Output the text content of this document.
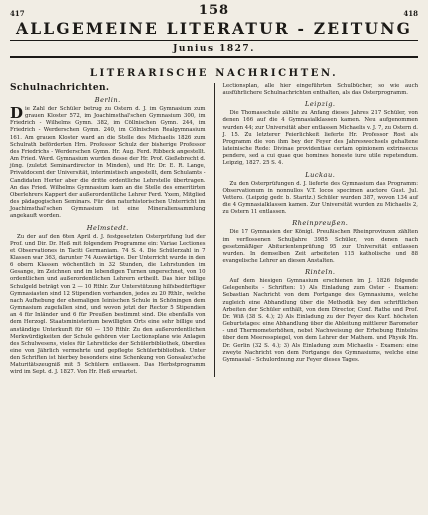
417	158	418
ALLGEMEINE LITERATUR - ZEITUNG
Junius 1827.
LITERARISCHE NACHRICHTEN.
Schulnachrichten.
Berlin.

Die Zahl der Schüler betrug zu Ostern d. J. im Gymnasium zum grauen Kloster 572, im Joachimsthal'schen Gymnasium 300, im Friedrich - Wilhelms Gymn. 382, im Cöllnischen Gymn. 244, im Friedrich - Werderschen Gymn. 240, im Cölnischen Realgymnasium 161. Am grauen Kloster ward an die Stelle des Michaelis 1826 zum Schulrath beförderten Hrn. Professor Schulz der bisherige Professor des Friedrichs - Werderschen Gymn. Hr. Aug. Ferd. Ribbeck angestellt. Am Fried. Werd. Gymnasium wurden desse der Hr. Prof. Gießebrecht d. jüng. (zuletzt Seminardirector in Minden), und Hr. Dr. E. R. Lange, Privatdocent der Universität, interimistisch angestellt, dem Schulamts - Candidaten Herter aber die dritte ordentliche Lehrstelle übertragen. An das Fried. Wilhelms Gymnasium kam an die Stelle des emeritirten Oberlehrers Kappert der außerordentliche Lehrer Ferd. Yxem, Mitglied des pädagogischen Seminars. Für den naturhistorischen Unterricht im Joachimsthal'schen Gymnasium ist eine Mineraliensammlung angekauft worden.

Helmstedt.

Zu der auf den 6ten April d. J. festgesetzten Osterprüfung lud der Prof. und Dir. Dr. Heß mit folgendem Programme ein: Variae Lectiones et Observationes in Taciti Germaniam. 74 S. 4. Die Schülerzahl in 7 Klassen war 363, darunter 74 Auswärtige. Der Unterricht wurde in den 6 obern Klassen wöchentlich in 32 Stunden, die Lehrstunden im Gesange, im Zeichnen und im lebendigen Turnen ungerechnet, von 10 ordentlichen und außerordentlichen Lehrern ertheilt. Das hier billige Schulgeld beträgt von 2 — 10 Rthlr. Zur Unterstützung hilfsbedürftiger Gymnasiasten sind 12 Stipendien vorhanden, jedes zu 20 Rthlr., welche nach Aufhebung der ehemaligen Ieinischen Schule in Schöningen dem Gymnasium zugefallen sind, und wovon jetzt der Rector 5 Stipendien an 4 für Inländer und 6 für Preußen bestimmt sind. Die ebenfalls von dem Herzogl. Staatsministerium bewilligten Orts eine sehr billige und anständige Unterkunft für 60 — 150 Rthlr. Zu den außerordentlichen Merkwürdigkeiten der Schule gehören vier Lectionsplane wie Anlagen des Schulwesens, vieles für Lehrstücke der Schülerbibliothek, überdies eine von Jährlich vermehrte und gepflegte Schülerbibliothek. Unter den Schriften ist hierbey besonders eine Schenkung von Gonsalez'sche Maturitätszeugniß mit 5 Schülern entlassen. Das Herbstprogramm wird im Sept. d. J. 1827. Von Hr. Heß erwartet.

Lectionsplan, alle hier eingeführten Schulbücher, so wie auch ausführlichere Schulnachrichten enthalten, als das Osterprogramm.

Leipzig.

Die Thomasschule zählte zu Anfang dieses Jahres 217 Schüler, von denen 166 auf die 4 Gymnasialklassen kamen. Neu aufgenommen wurden 44; zur Universität aber entlassen Michaelis v. J. 7, zu Ostern d. J. 15. Zu letzterer Feierlichkeit lieferte Hr. Professor Rost als Programm die von ihm bey der Feyer des Jahreswechsels gehaltene lateinische Rede: Divinae providentiae certam opinionem extrinsecus pendere, sed a cui quae que homines honeste iure utile repetendum. Leipzig, 1827. 25 S. 4.

Luckau.

Zu den Osterprüfungen d. J. lieferte des Gymnasium das Programm: Observationum in nonnullos V.T. locos specimen auctore Gust. Jul. Vettero. (Leipzig gedr. b. Staritz.) Schüler wurden 387, wovon 134 auf die 4 Gymnasialklassen kamen. Zur Universität wurden zu Michaelis 2, zu Ostern 11 entlassen.

Rheinpreußen.

Die 17 Gymnasien der Königl. Preußischen Rheinprovinzen zählten im verflossenen Schuljahre 3985 Schüler, von denen nach gesetzmäßiger Abiturientenprüfung 95 zur Universität entlassen wurden. In demselben Zeit arbeiteten 115 katholische und 88 evangelische Lehrer an diesen Anstalten.

Rinteln.

Auf dem hiesigen Gymnasium erschienen im J. 1826 folgende Gelegenheits - Schriften: 1) Als Einladung zum Oster - Examen: Sebastian Nachricht von dem Fortgange des Gymnasiums, welche zugleich eine Abhandlung über die Methodik bey den schriftlichen Arbeiten der Schüler enthält, von dem Director, Conf. Rathe und Prof. Dr. Wiß (38 S. 4.); 2) Als Einladung zu der Feyer des Kurf. höchsten Geburtstages: eine Abhandlung über die Ableitung mittlerer Barometer - und Thermometerhöhen, nebst Nachweisung der Erhebung Rintelns über dem Meeresspiegel, von dem Lehrer der Mathem. und Physik Hn. Dr. Gerlin (32 S. 4.); 3) Als Einladung zum Michaelis - Examen: eine zweyte Nachricht von dem Fortgange des Gymnasiums, welche eine Gymnasial - Schulordnung zur Feyer dieses Tages.
